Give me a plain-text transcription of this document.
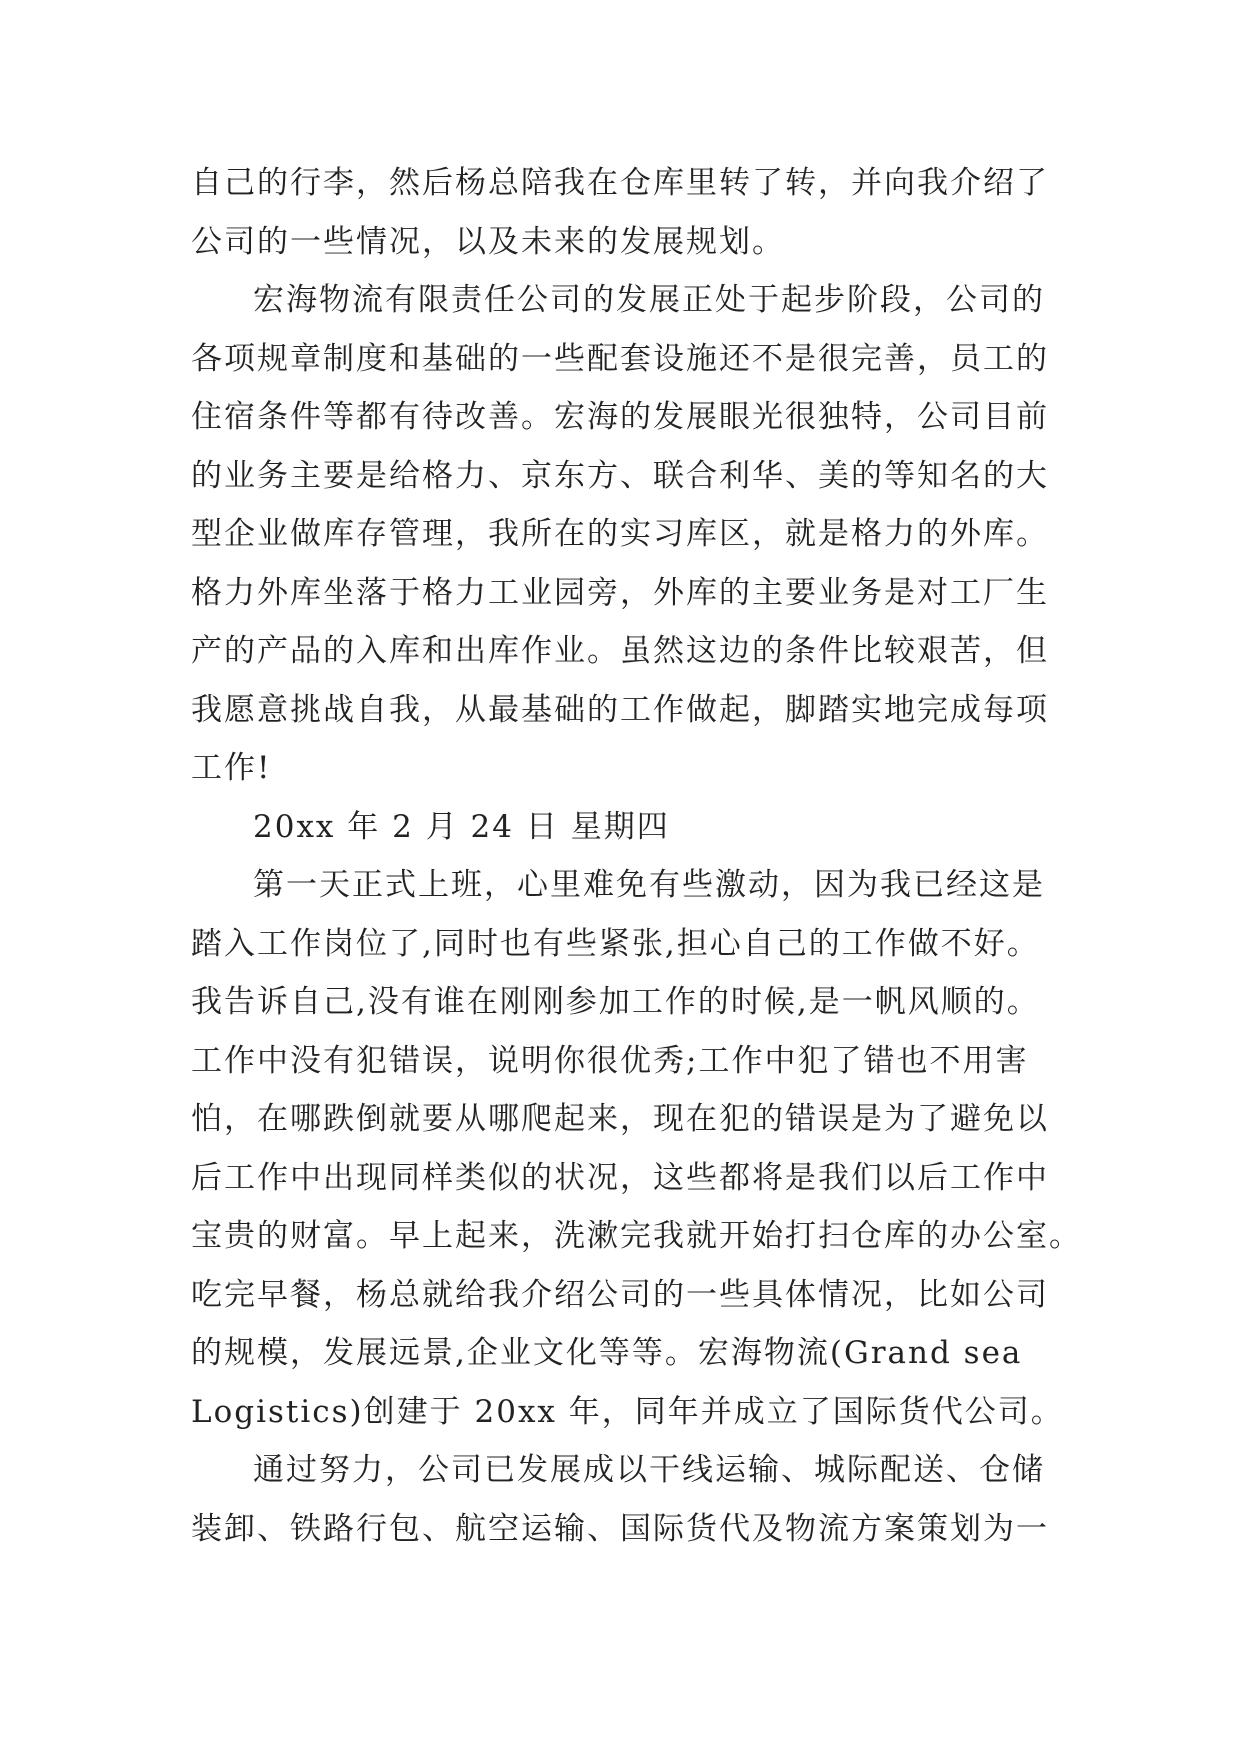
自己的行李，然后杨总陪我在仓库里转了转，并向我介绍了
公司的一些情况，以及未来的发展规划。
宏海物流有限责任公司的发展正处于起步阶段，公司的
各项规章制度和基础的一些配套设施还不是很完善，员工的
住宿条件等都有待改善。宏海的发展眼光很独特，公司目前
的业务主要是给格力、京东方、联合利华、美的等知名的大
型企业做库存管理，我所在的实习库区，就是格力的外库。
格力外库坐落于格力工业园旁，外库的主要业务是对工厂生
产的产品的入库和出库作业。虽然这边的条件比较艰苦，但
我愿意挑战自我，从最基础的工作做起，脚踏实地完成每项
工作!
20xx 年 2 月 24 日 星期四
第一天正式上班，心里难免有些激动，因为我已经这是
踏入工作岗位了,同时也有些紧张,担心自己的工作做不好。
我告诉自己,没有谁在刚刚参加工作的时候,是一帆风顺的。
工作中没有犯错误，说明你很优秀;工作中犯了错也不用害
怕，在哪跌倒就要从哪爬起来，现在犯的错误是为了避免以
后工作中出现同样类似的状况，这些都将是我们以后工作中
宝贵的财富。早上起来，洗漱完我就开始打扫仓库的办公室。
吃完早餐，杨总就给我介绍公司的一些具体情况，比如公司
的规模，发展远景,企业文化等等。宏海物流(Grand sea
Logistics)创建于 20xx 年，同年并成立了国际货代公司。
通过努力，公司已发展成以干线运输、城际配送、仓储
装卸、铁路行包、航空运输、国际货代及物流方案策划为一
